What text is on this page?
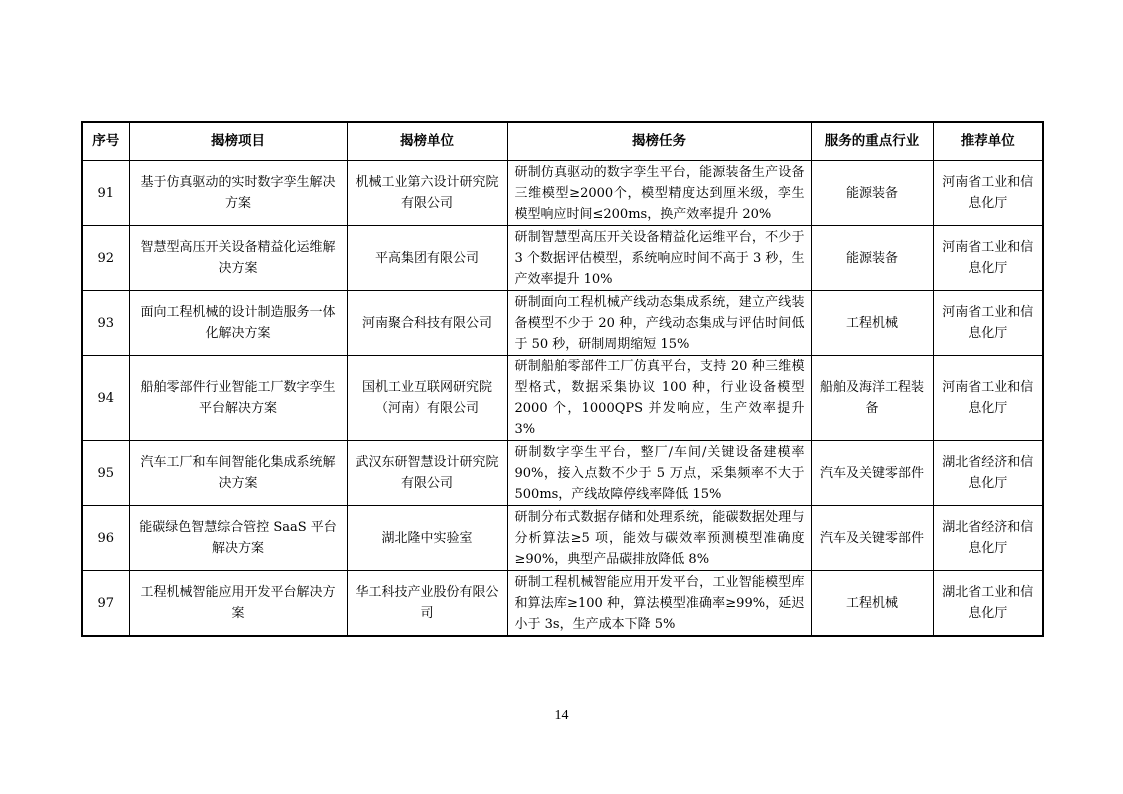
序号	揭榜项目	揭榜单位	揭榜任务	服务的重点行业	推荐单位
91	基于仿真驱动的实时数字孪生解决方案	机械工业第六设计研究院有限公司	研制仿真驱动的数字孪生平台，能源装备生产设备三维模型≥2000个，模型精度达到厘米级，孪生模型响应时间≤200ms，换产效率提升 20%	能源装备	河南省工业和信息化厅
92	智慧型高压开关设备精益化运维解决方案	平高集团有限公司	研制智慧型高压开关设备精益化运维平台，不少于 3 个数据评估模型，系统响应时间不高于 3 秒，生产效率提升 10%	能源装备	河南省工业和信息化厅
93	面向工程机械的设计制造服务一体化解决方案	河南聚合科技有限公司	研制面向工程机械产线动态集成系统，建立产线装备模型不少于 20 种，产线动态集成与评估时间低于 50 秒，研制周期缩短 15%	工程机械	河南省工业和信息化厅
94	船舶零部件行业智能工厂数字孪生平台解决方案	国机工业互联网研究院（河南）有限公司	研制船舶零部件工厂仿真平台，支持 20 种三维模型格式，数据采集协议 100 种，行业设备模型 2000 个，1000QPS 并发响应，生产效率提升 3%	船舶及海洋工程装备	河南省工业和信息化厅
95	汽车工厂和车间智能化集成系统解决方案	武汉东研智慧设计研究院有限公司	研制数字孪生平台，整厂/车间/关键设备建模率 90%，接入点数不少于 5 万点，采集频率不大于 500ms，产线故障停线率降低 15%	汽车及关键零部件	湖北省经济和信息化厅
96	能碳绿色智慧综合管控 SaaS 平台解决方案	湖北隆中实验室	研制分布式数据存储和处理系统，能碳数据处理与分析算法≥5 项，能效与碳效率预测模型准确度≥90%，典型产品碳排放降低 8%	汽车及关键零部件	湖北省经济和信息化厅
97	工程机械智能应用开发平台解决方案	华工科技产业股份有限公司	研制工程机械智能应用开发平台，工业智能模型库和算法库≥100 种，算法模型准确率≥99%，延迟小于 3s，生产成本下降 5%	工程机械	湖北省工业和信息化厅
14
